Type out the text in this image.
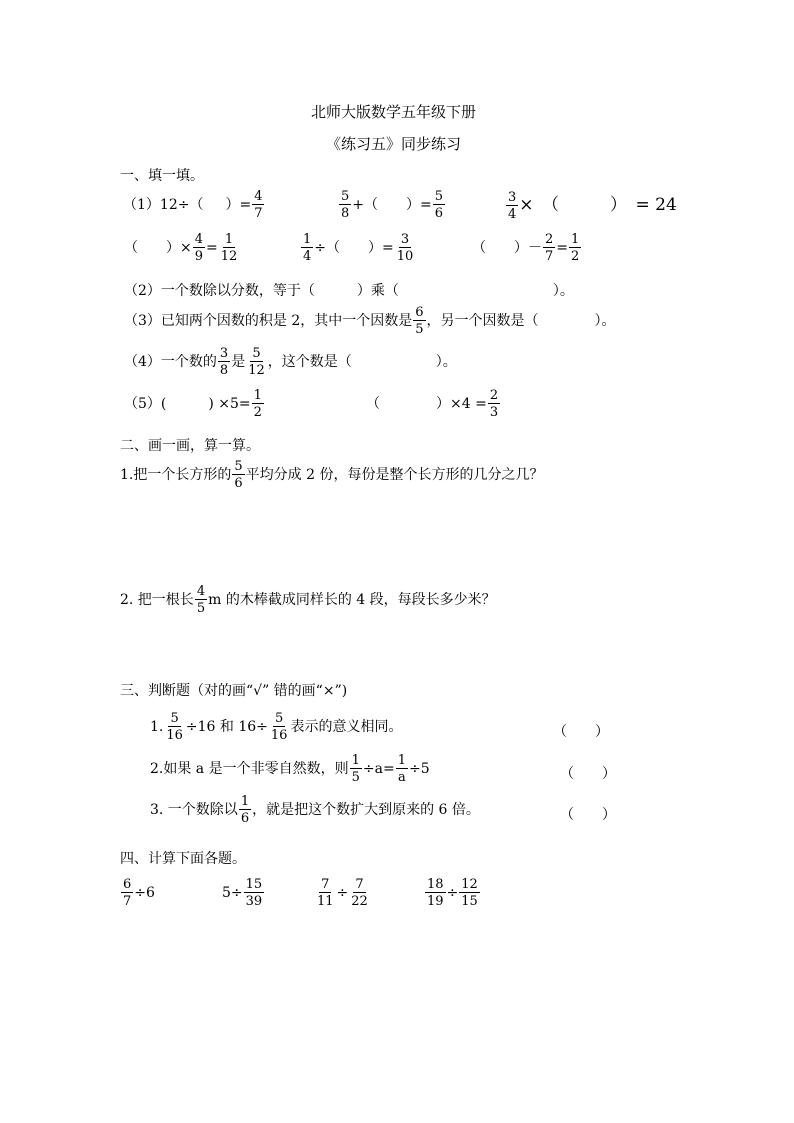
北师大版数学五年级下册
《练习五》同步练习
一、填一填。
（1）12÷（ ）= $\frac{4}{7}$	$\frac{5}{8}$ +（ ）= $\frac{5}{6}$	$\frac{3}{4}$ ×　（　　　）　= 24
（　　）× $\frac{4}{9} = \frac{1}{12}$	$\frac{1}{4}$ ÷（　　）= $\frac{3}{10}$	（　　）－ $\frac{2}{7} = \frac{1}{2}$
（2）一个数除以分数，等于（　　　）乘（　　　　　　　　　　　）。
（3）已知两个因数的积是 2，其中一个因数是 $\frac{6}{5}$ ，另一个因数是（　　　　）。
（4）一个数的 $\frac{3}{8}$ 是 $\frac{5}{12}$ ，这个数是（　　　　　　）。
（5）(　　　) $\times 5= \frac{1}{2}$	（　　　　）$\times 4 = \frac{2}{3}$
二、画一画，算一算。
1.把一个长方形的 $\frac{5}{6}$ 平均分成 2 份，每份是整个长方形的几分之几？
2. 把一根长 $\frac{4}{5}$ m 的木棒截成同样长的 4 段，每段长多少米？
三、判断题（对的画“√” 错的画“×”)
1. $\frac{5}{16} \div 16$ 和 $16\div \frac{5}{16}$ 表示的意义相同。	（　　）
2.如果 a 是一个非零自然数，则 $\frac{1}{5} \div a= \frac{1}{a} \div 5$	（　　）
3. 一个数除以 $\frac{1}{6}$ ，就是把这个数扩大到原来的 6 倍。	（　　）
四、计算下面各题。
$\frac{6}{7} \div 6$	$5\div \frac{15}{39}$	$\frac{7}{11} \div \frac{7}{22}$	$\frac{18}{19} \div \frac{12}{15}$
